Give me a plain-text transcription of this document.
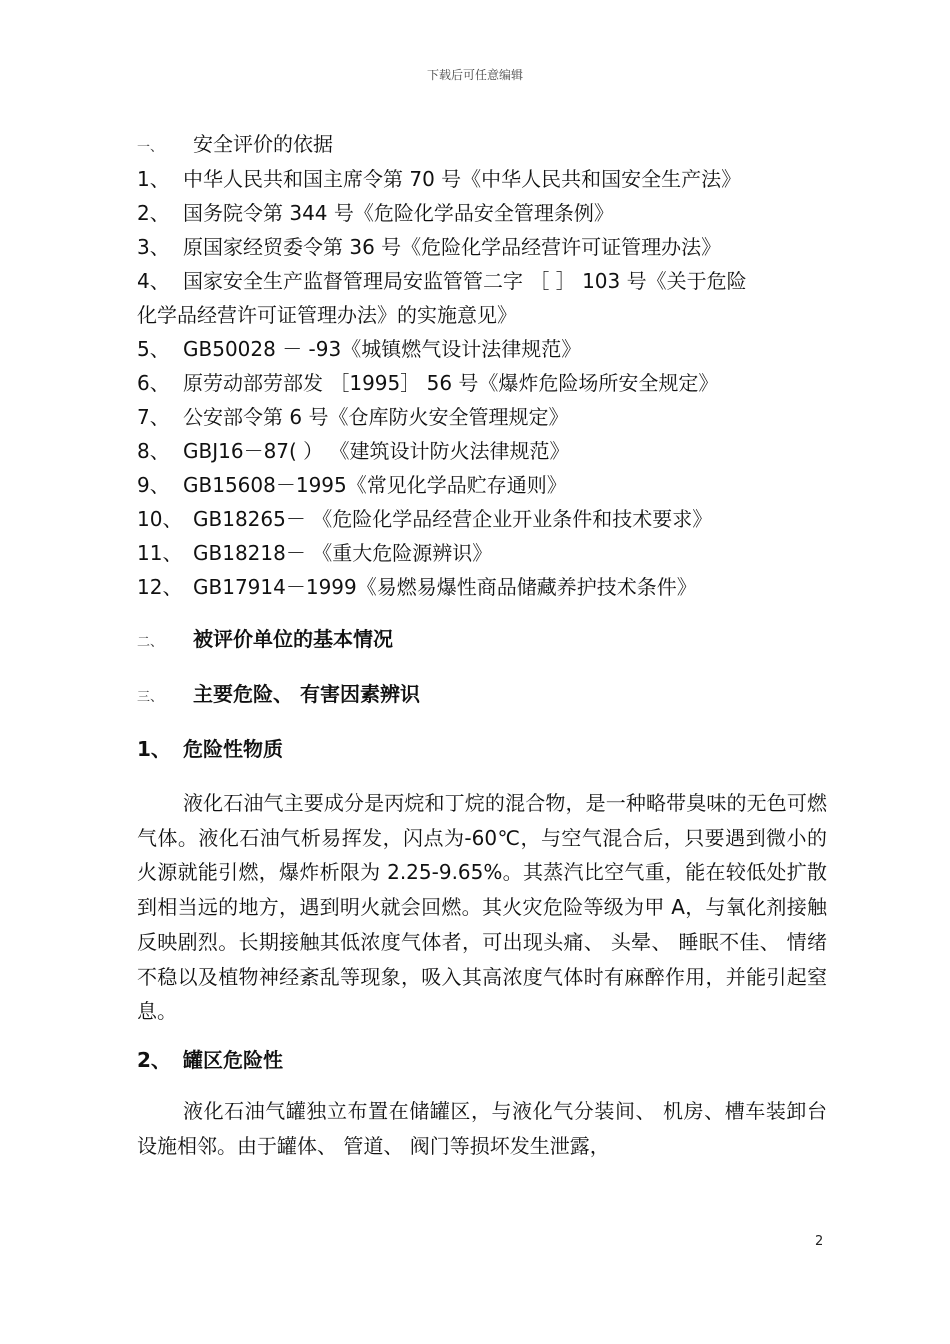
下载后可任意编辑
一、	安全评价的依据
1、 中华人民共和国主席令第 70 号《中华人民共和国安全生产法》
2、 国务院令第 344 号《危险化学品安全管理条例》
3、 原国家经贸委令第 36 号《危险化学品经营许可证管理办法》
4、 国家安全生产监督管理局安监管管二字 ［ ］ 103 号《关于危险
化学品经营许可证管理办法》的实施意见》
5、 GB50028 － -93《城镇燃气设计法律规范》
6、 原劳动部劳部发 ［1995］ 56 号《爆炸危险场所安全规定》
7、 公安部令第 6 号《仓库防火安全管理规定》
8、 GBJ16－87( ） 《建筑设计防火法律规范》
9、 GB15608－1995《常见化学品贮存通则》
10、 GB18265－ 《危险化学品经营企业开业条件和技术要求》
11、 GB18218－ 《重大危险源辨识》
12、 GB17914－1999《易燃易爆性商品储藏养护技术条件》
二、	被评价单位的基本情况
三、	主要危险、 有害因素辨识
1、 危险性物质

液化石油气主要成分是丙烷和丁烷的混合物，是一种略带臭味的无色可燃气体。液化石油气析易挥发，闪点为-60℃，与空气混合后，只要遇到微小的火源就能引燃，爆炸析限为 2.25-9.65%。其蒸汽比空气重，能在较低处扩散到相当远的地方，遇到明火就会回燃。其火灾危险等级为甲 A，与氧化剂接触反映剧烈。长期接触其低浓度气体者，可出现头痛、 头晕、 睡眠不佳、 情绪不稳以及植物神经紊乱等现象，吸入其高浓度气体时有麻醉作用，并能引起窒息。

2、 罐区危险性

液化石油气罐独立布置在储罐区，与液化气分装间、 机房、槽车装卸台设施相邻。由于罐体、 管道、 阀门等损坏发生泄露，

2
